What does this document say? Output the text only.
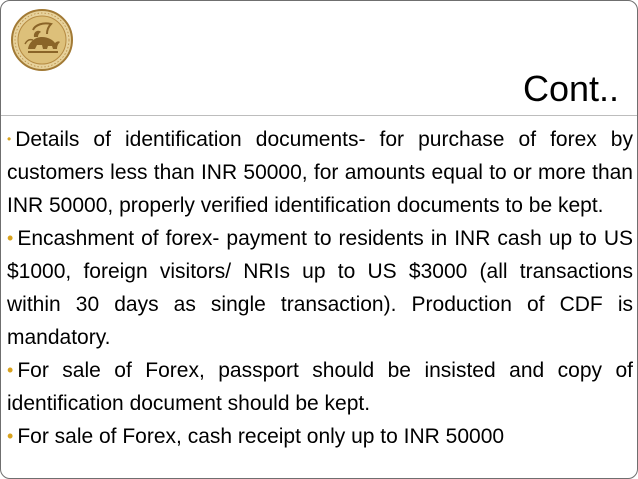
Cont..

• Details of identification documents- for purchase of forex by customers less than INR 50000, for amounts equal to or more than INR 50000, properly verified identification documents to be kept.

• Encashment of forex- payment to residents in INR cash up to US $1000, foreign visitors/ NRIs up to US $3000 (all transactions within 30 days as single transaction). Production of CDF is mandatory.

• For sale of Forex, passport should be insisted and copy of identification document should be kept.

• For sale of Forex, cash receipt only up to INR 50000
